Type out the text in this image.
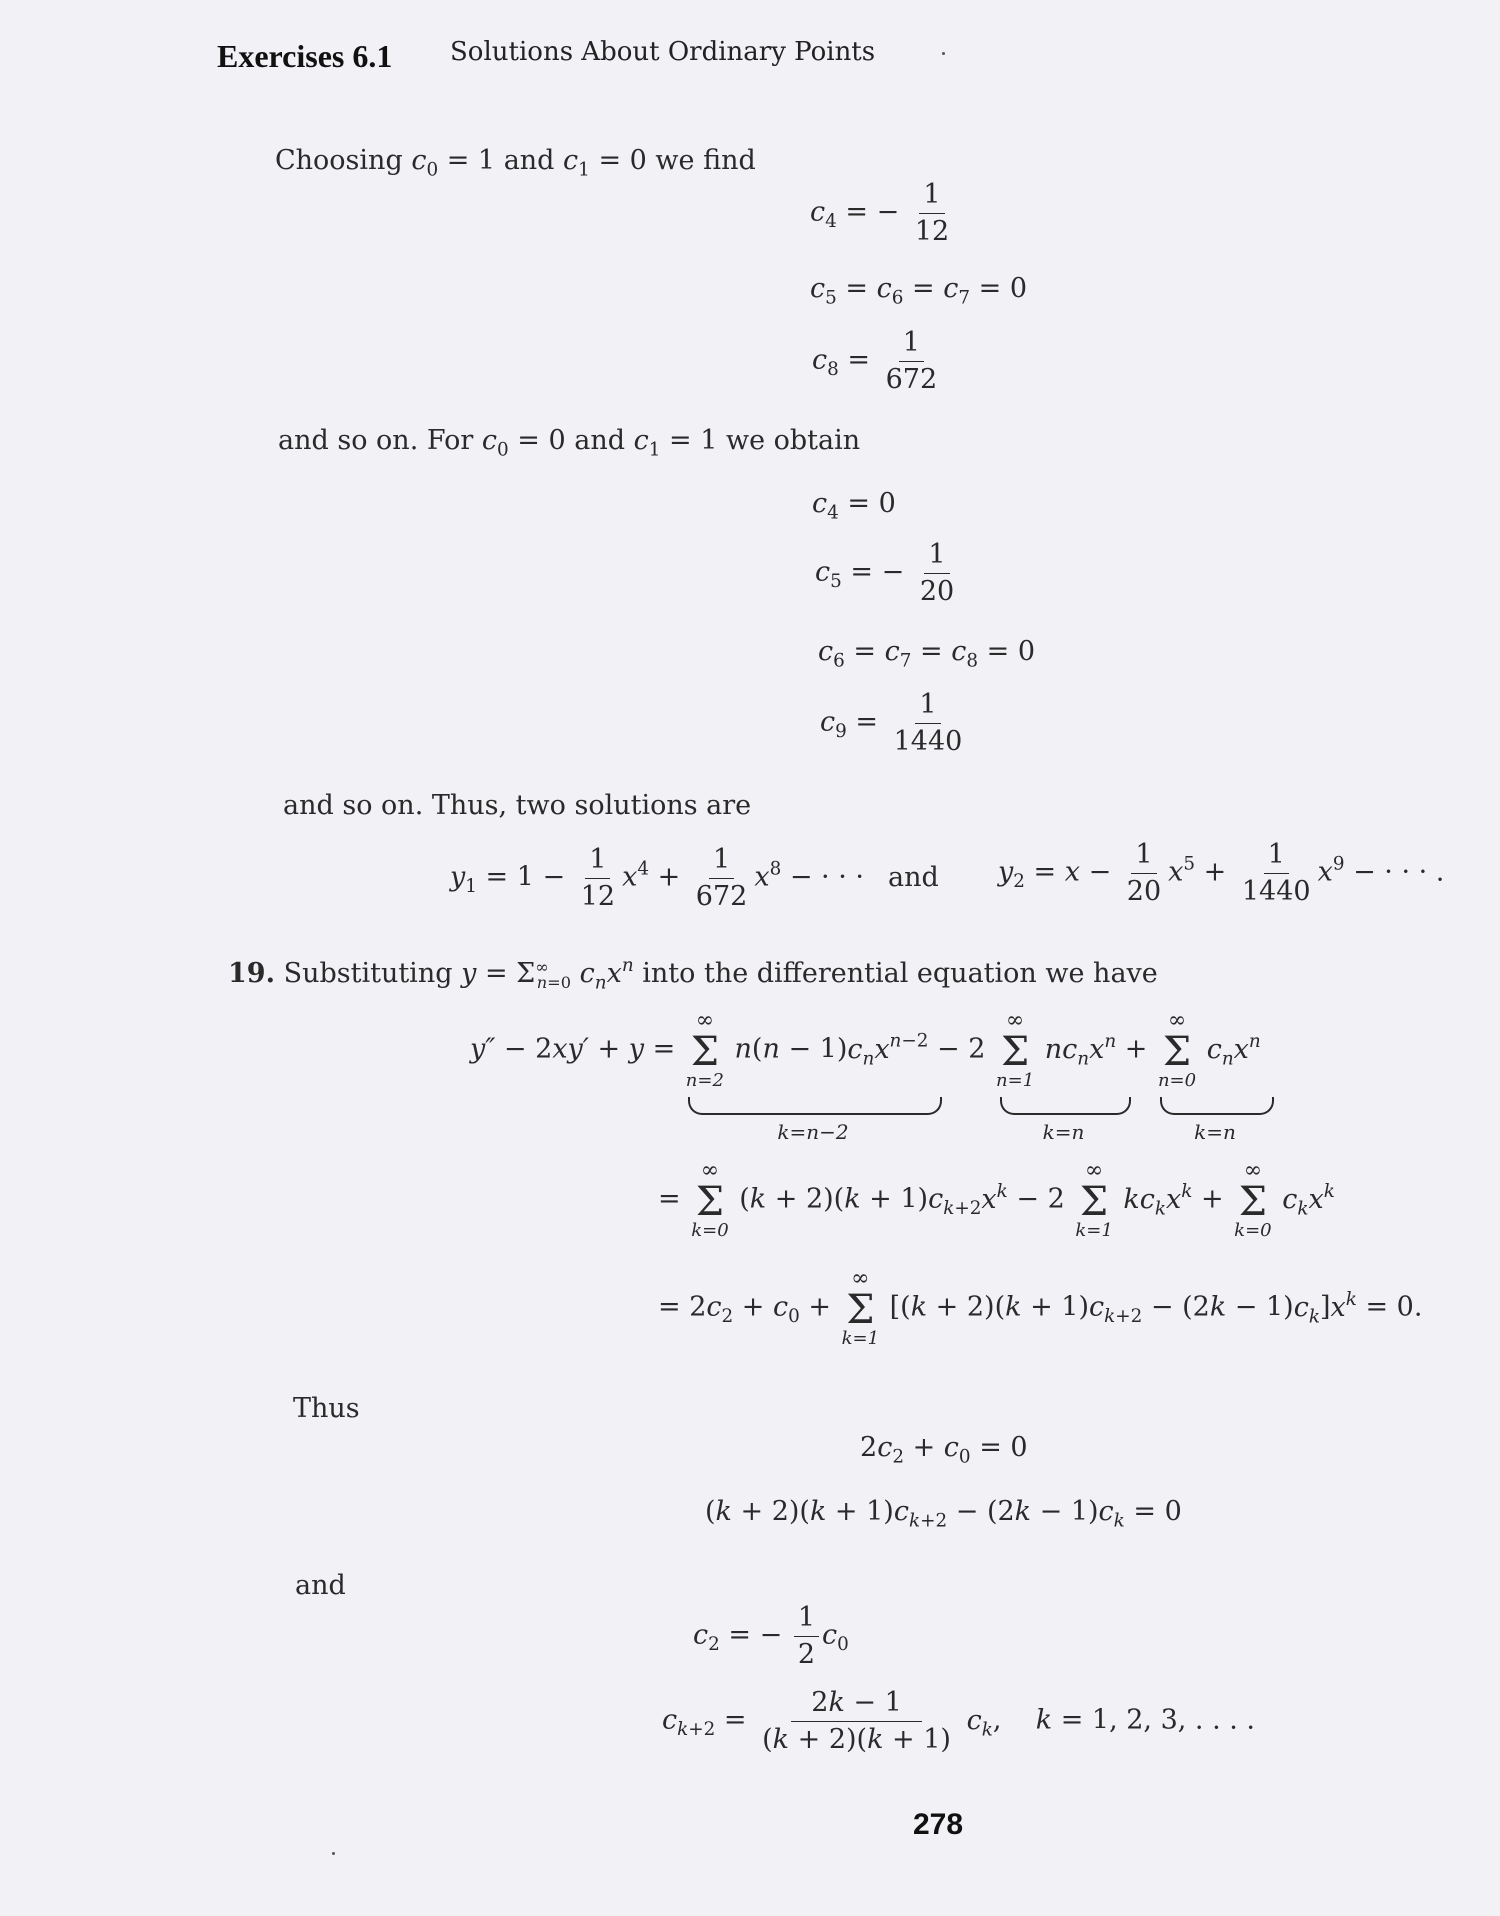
Exercises 6.1 Solutions About Ordinary Points
Choosing $c_0 = 1$ and $c_1 = 0$ we find
$c_4$ = − $\frac{1}{12}$
$c_5 = c_6 = c_7 = 0$
$c_8 = \frac{1}{672}$
and so on. For $c_0 = 0$ and $c_1 = 1$ we obtain
$c_4 = 0$
$c_5$ = − $\frac{1}{20}$
$c_6 = c_7 = c_8 = 0$
$c_9 = \frac{1}{1440}$
and so on. Thus, two solutions are
$y_1 = 1 - \frac{1}{12} x^4 + \frac{1}{672} x^8$ − · · · and $y_2 = x - \frac{1}{20} x^5 + \frac{1}{1440} x^9$ − · · · .
19. Substituting $y = \Sigma^\infty_{n=0}$ $c_nx^n$ into the differential equation we have
y″ − 2xy′ + y =
∞
Σ
n=2
$n(n - 1)c_nx^{n-2} - 2$
∞
Σ
n=1
$nc_nx^n$ +
∞
Σ
n=0
$c_nx^n$
k=n−2	k=n	k=n
=
∞
Σ
k=0
$(k + 2)(k + 1)c_{k+2}x^k - 2$
∞
Σ
k=1
$kc_kx^k$ +
∞
Σ
k=0
$c_kx^k$
= $2c_2 + c_0$ +
∞
Σ
k=1
$[(k + 2)(k + 1)c_{k+2} - (2k - 1)c_k]x^k = 0$.
Thus
$2c_2 + c_0 = 0$
$(k + 2)(k + 1)c_{k+2} - (2k - 1)c_k = 0$
and
$c_2$ = − $\frac{1}{2} c_0$
$c_{k+2} = \frac{2k - 1}{(k + 2)(k + 1)} c_k$,    k = 1, 2, 3, . . . .
278
